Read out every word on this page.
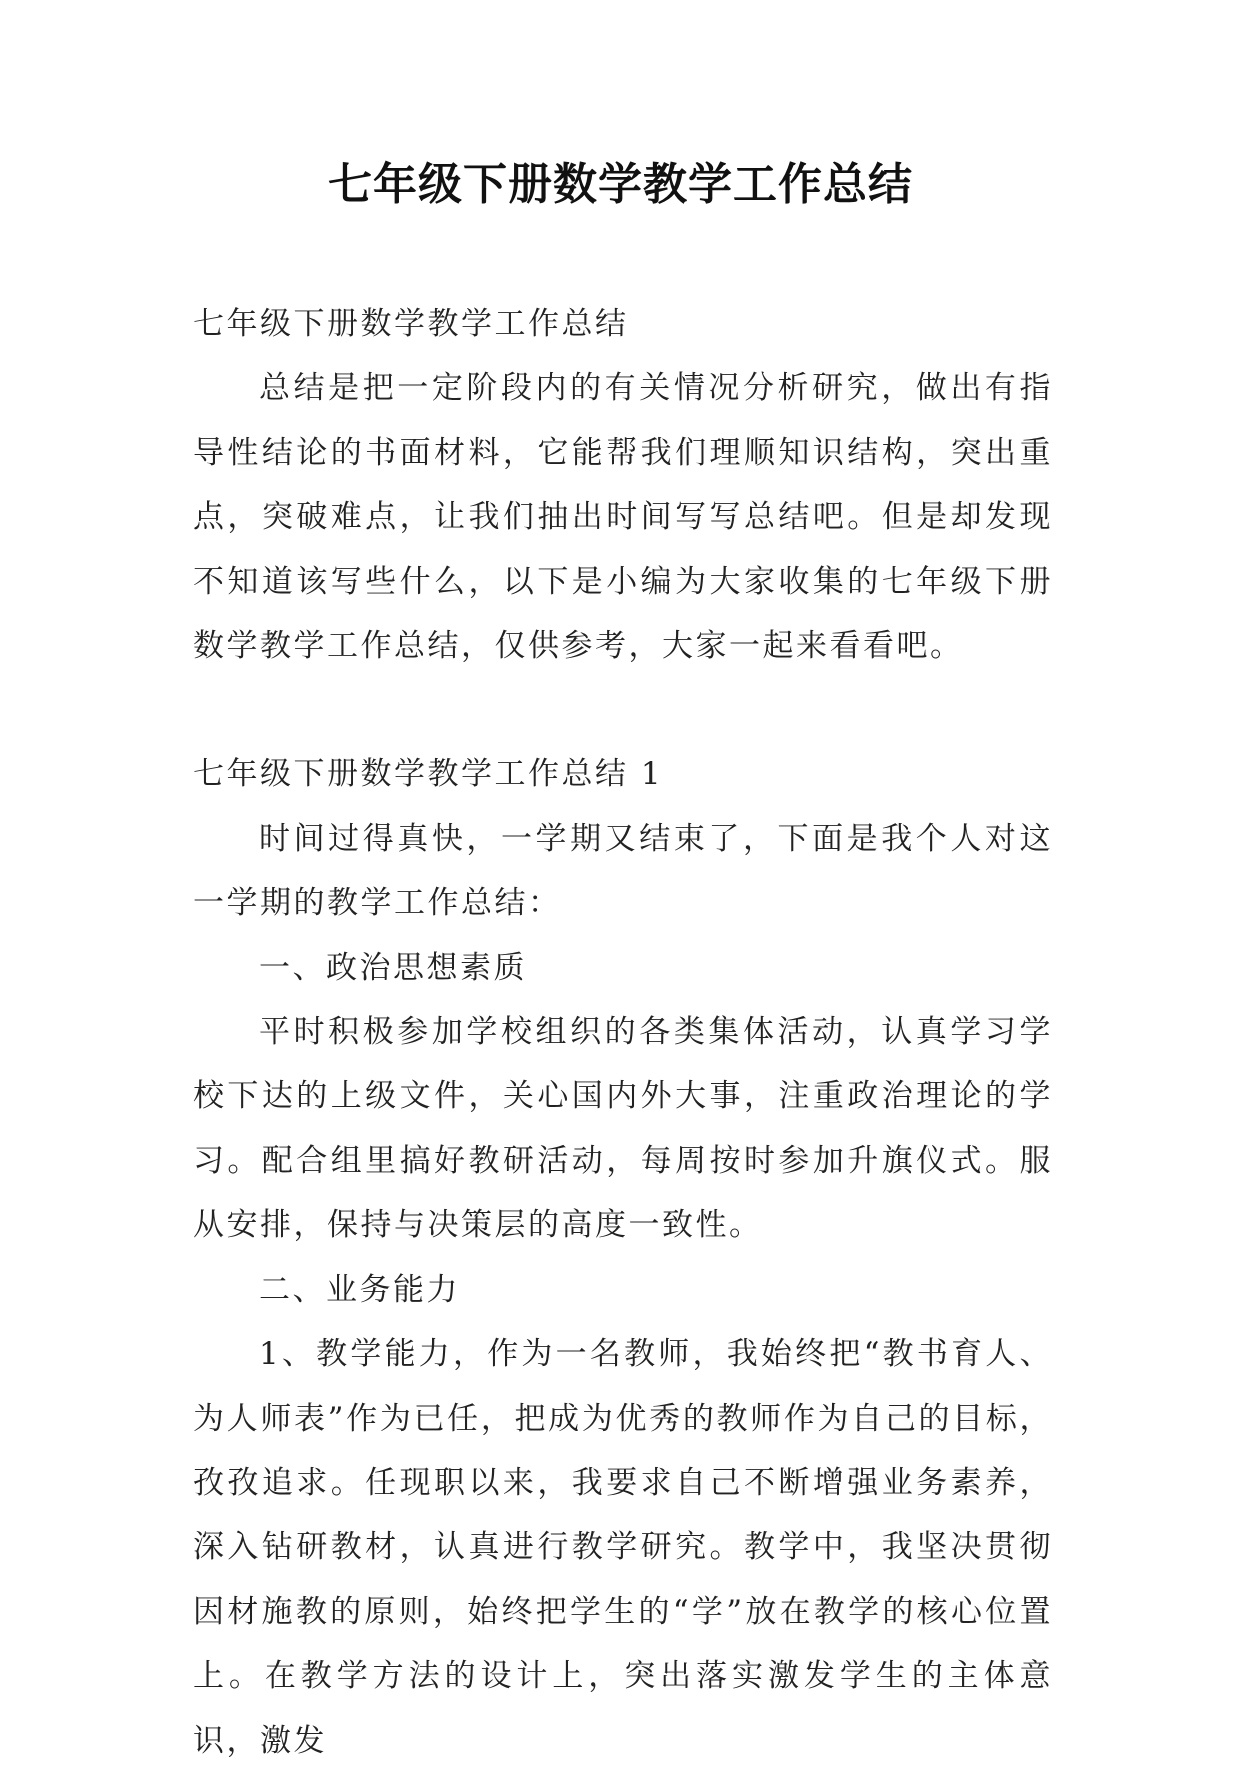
七年级下册数学教学工作总结

七年级下册数学教学工作总结

总结是把一定阶段内的有关情况分析研究，做出有指导性结论的书面材料，它能帮我们理顺知识结构，突出重点，突破难点，让我们抽出时间写写总结吧。但是却发现不知道该写些什么，以下是小编为大家收集的七年级下册数学教学工作总结，仅供参考，大家一起来看看吧。

七年级下册数学教学工作总结 1

时间过得真快，一学期又结束了，下面是我个人对这一学期的教学工作总结：

一、政治思想素质

平时积极参加学校组织的各类集体活动，认真学习学校下达的上级文件，关心国内外大事，注重政治理论的学习。配合组里搞好教研活动，每周按时参加升旗仪式。服从安排，保持与决策层的高度一致性。

二、业务能力

1、教学能力，作为一名教师，我始终把“教书育人、为人师表”作为已任，把成为优秀的教师作为自己的目标，孜孜追求。任现职以来，我要求自己不断增强业务素养，深入钻研教材，认真进行教学研究。教学中，我坚决贯彻因材施教的原则，始终把学生的“学”放在教学的核心位置上。在教学方法的设计上，突出落实激发学生的主体意识，激发
